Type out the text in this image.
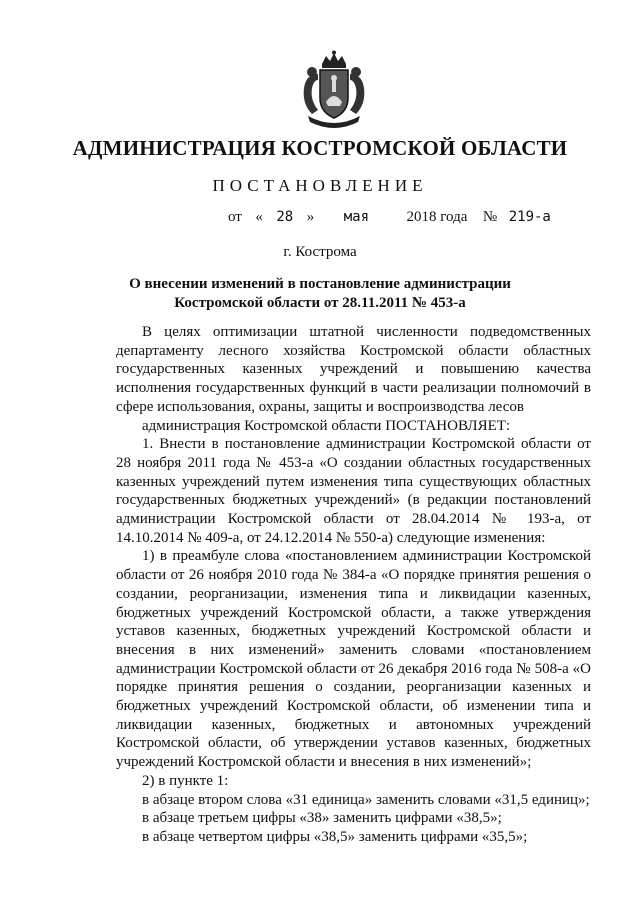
АДМИНИСТРАЦИЯ КОСТРОМСКОЙ ОБЛАСТИ
ПОСТАНОВЛЕНИЕ
от « 28 » мая	2018 года № 219-а
г. Кострома
О внесении изменений в постановление администрации
Костромской области от 28.11.2011 № 453-а

В целях оптимизации штатной численности подведомственных департаменту лесного хозяйства Костромской области областных государственных казенных учреждений и повышению качества исполнения государственных функций в части реализации полномочий в сфере использования, охраны, защиты и воспроизводства лесов

администрация Костромской области ПОСТАНОВЛЯЕТ:

1. Внести в постановление администрации Костромской области от 28 ноября 2011 года № 453-а «О создании областных государственных казенных учреждений путем изменения типа существующих областных государственных бюджетных учреждений» (в редакции постановлений администрации Костромской области от 28.04.2014 № 193-а, от 14.10.2014 № 409-а, от 24.12.2014 № 550-а) следующие изменения:

1) в преамбуле слова «постановлением администрации Костромской области от 26 ноября 2010 года № 384-а «О порядке принятия решения о создании, реорганизации, изменения типа и ликвидации казенных, бюджетных учреждений Костромской области, а также утверждения уставов казенных, бюджетных учреждений Костромской области и внесения в них изменений» заменить словами «постановлением администрации Костромской области от 26 декабря 2016 года № 508-а «О порядке принятия решения о создании, реорганизации казенных и бюджетных учреждений Костромской области, об изменении типа и ликвидации казенных, бюджетных и автономных учреждений Костромской области, об утверждении уставов казенных, бюджетных учреждений Костромской области и внесения в них изменений»;

2) в пункте 1:

в абзаце втором слова «31 единица» заменить словами «31,5 единиц»;

в абзаце третьем цифры «38» заменить цифрами «38,5»;

в абзаце четвертом цифры «38,5» заменить цифрами «35,5»;
